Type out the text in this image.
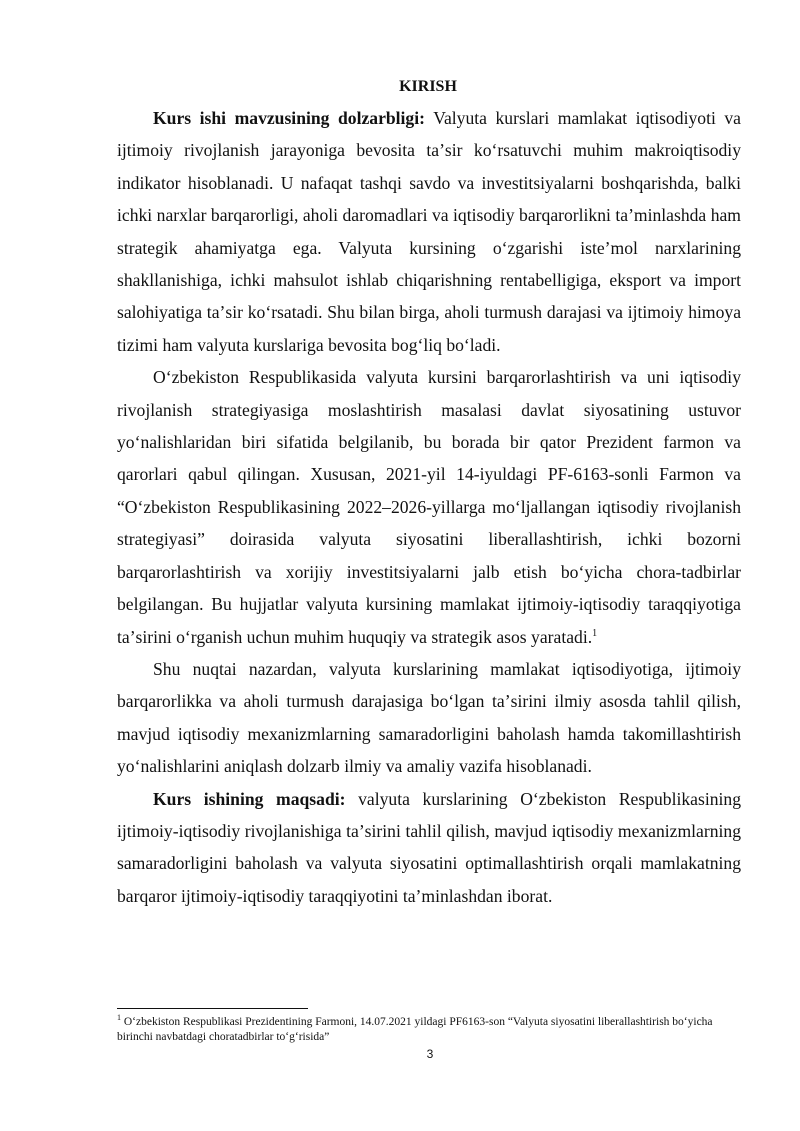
KIRISH

Kurs ishi mavzusining dolzarbligi: Valyuta kurslari mamlakat iqtisodiyoti va ijtimoiy rivojlanish jarayoniga bevosita taʼsir koʻrsatuvchi muhim makroiqtisodiy indikator hisoblanadi. U nafaqat tashqi savdo va investitsiyalarni boshqarishda, balki ichki narxlar barqarorligi, aholi daromadlari va iqtisodiy barqarorlikni taʼminlashda ham strategik ahamiyatga ega. Valyuta kursining oʻzgarishi isteʼmol narxlarining shakllanishiga, ichki mahsulot ishlab chiqarishning rentabelligiga, eksport va import salohiyatiga taʼsir koʻrsatadi. Shu bilan birga, aholi turmush darajasi va ijtimoiy himoya tizimi ham valyuta kurslariga bevosita bogʻliq boʻladi.

Oʻzbekiston Respublikasida valyuta kursini barqarorlashtirish va uni iqtisodiy rivojlanish strategiyasiga moslashtirish masalasi davlat siyosatining ustuvor yoʻnalishlaridan biri sifatida belgilanib, bu borada bir qator Prezident farmon va qarorlari qabul qilingan. Xususan, 2021-yil 14-iyuldagi PF-6163-sonli Farmon va “Oʻzbekiston Respublikasining 2022–2026-yillarga moʻljallangan iqtisodiy rivojlanish strategiyasi” doirasida valyuta siyosatini liberallashtirish, ichki bozorni barqarorlashtirish va xorijiy investitsiyalarni jalb etish boʻyicha chora-tadbirlar belgilangan. Bu hujjatlar valyuta kursining mamlakat ijtimoiy-iqtisodiy taraqqiyotiga taʼsirini oʻrganish uchun muhim huquqiy va strategik asos yaratadi.$^1$

Shu nuqtai nazardan, valyuta kurslarining mamlakat iqtisodiyotiga, ijtimoiy barqarorlikka va aholi turmush darajasiga boʻlgan taʼsirini ilmiy asosda tahlil qilish, mavjud iqtisodiy mexanizmlarning samaradorligini baholash hamda takomillashtirish yoʻnalishlarini aniqlash dolzarb ilmiy va amaliy vazifa hisoblanadi.

Kurs ishining maqsadi: valyuta kurslarining Oʻzbekiston Respublikasining ijtimoiy-iqtisodiy rivojlanishiga taʼsirini tahlil qilish, mavjud iqtisodiy mexanizmlarning samaradorligini baholash va valyuta siyosatini optimallashtirish orqali mamlakatning barqaror ijtimoiy-iqtisodiy taraqqiyotini taʼminlashdan iborat.

$^1$ Oʻzbekiston Respublikasi Prezidentining Farmoni, 14.07.2021 yildagi PF6163-son “Valyuta siyosatini liberallashtirish boʻyicha birinchi navbatdagi choratadbirlar toʻgʻrisida”

3
